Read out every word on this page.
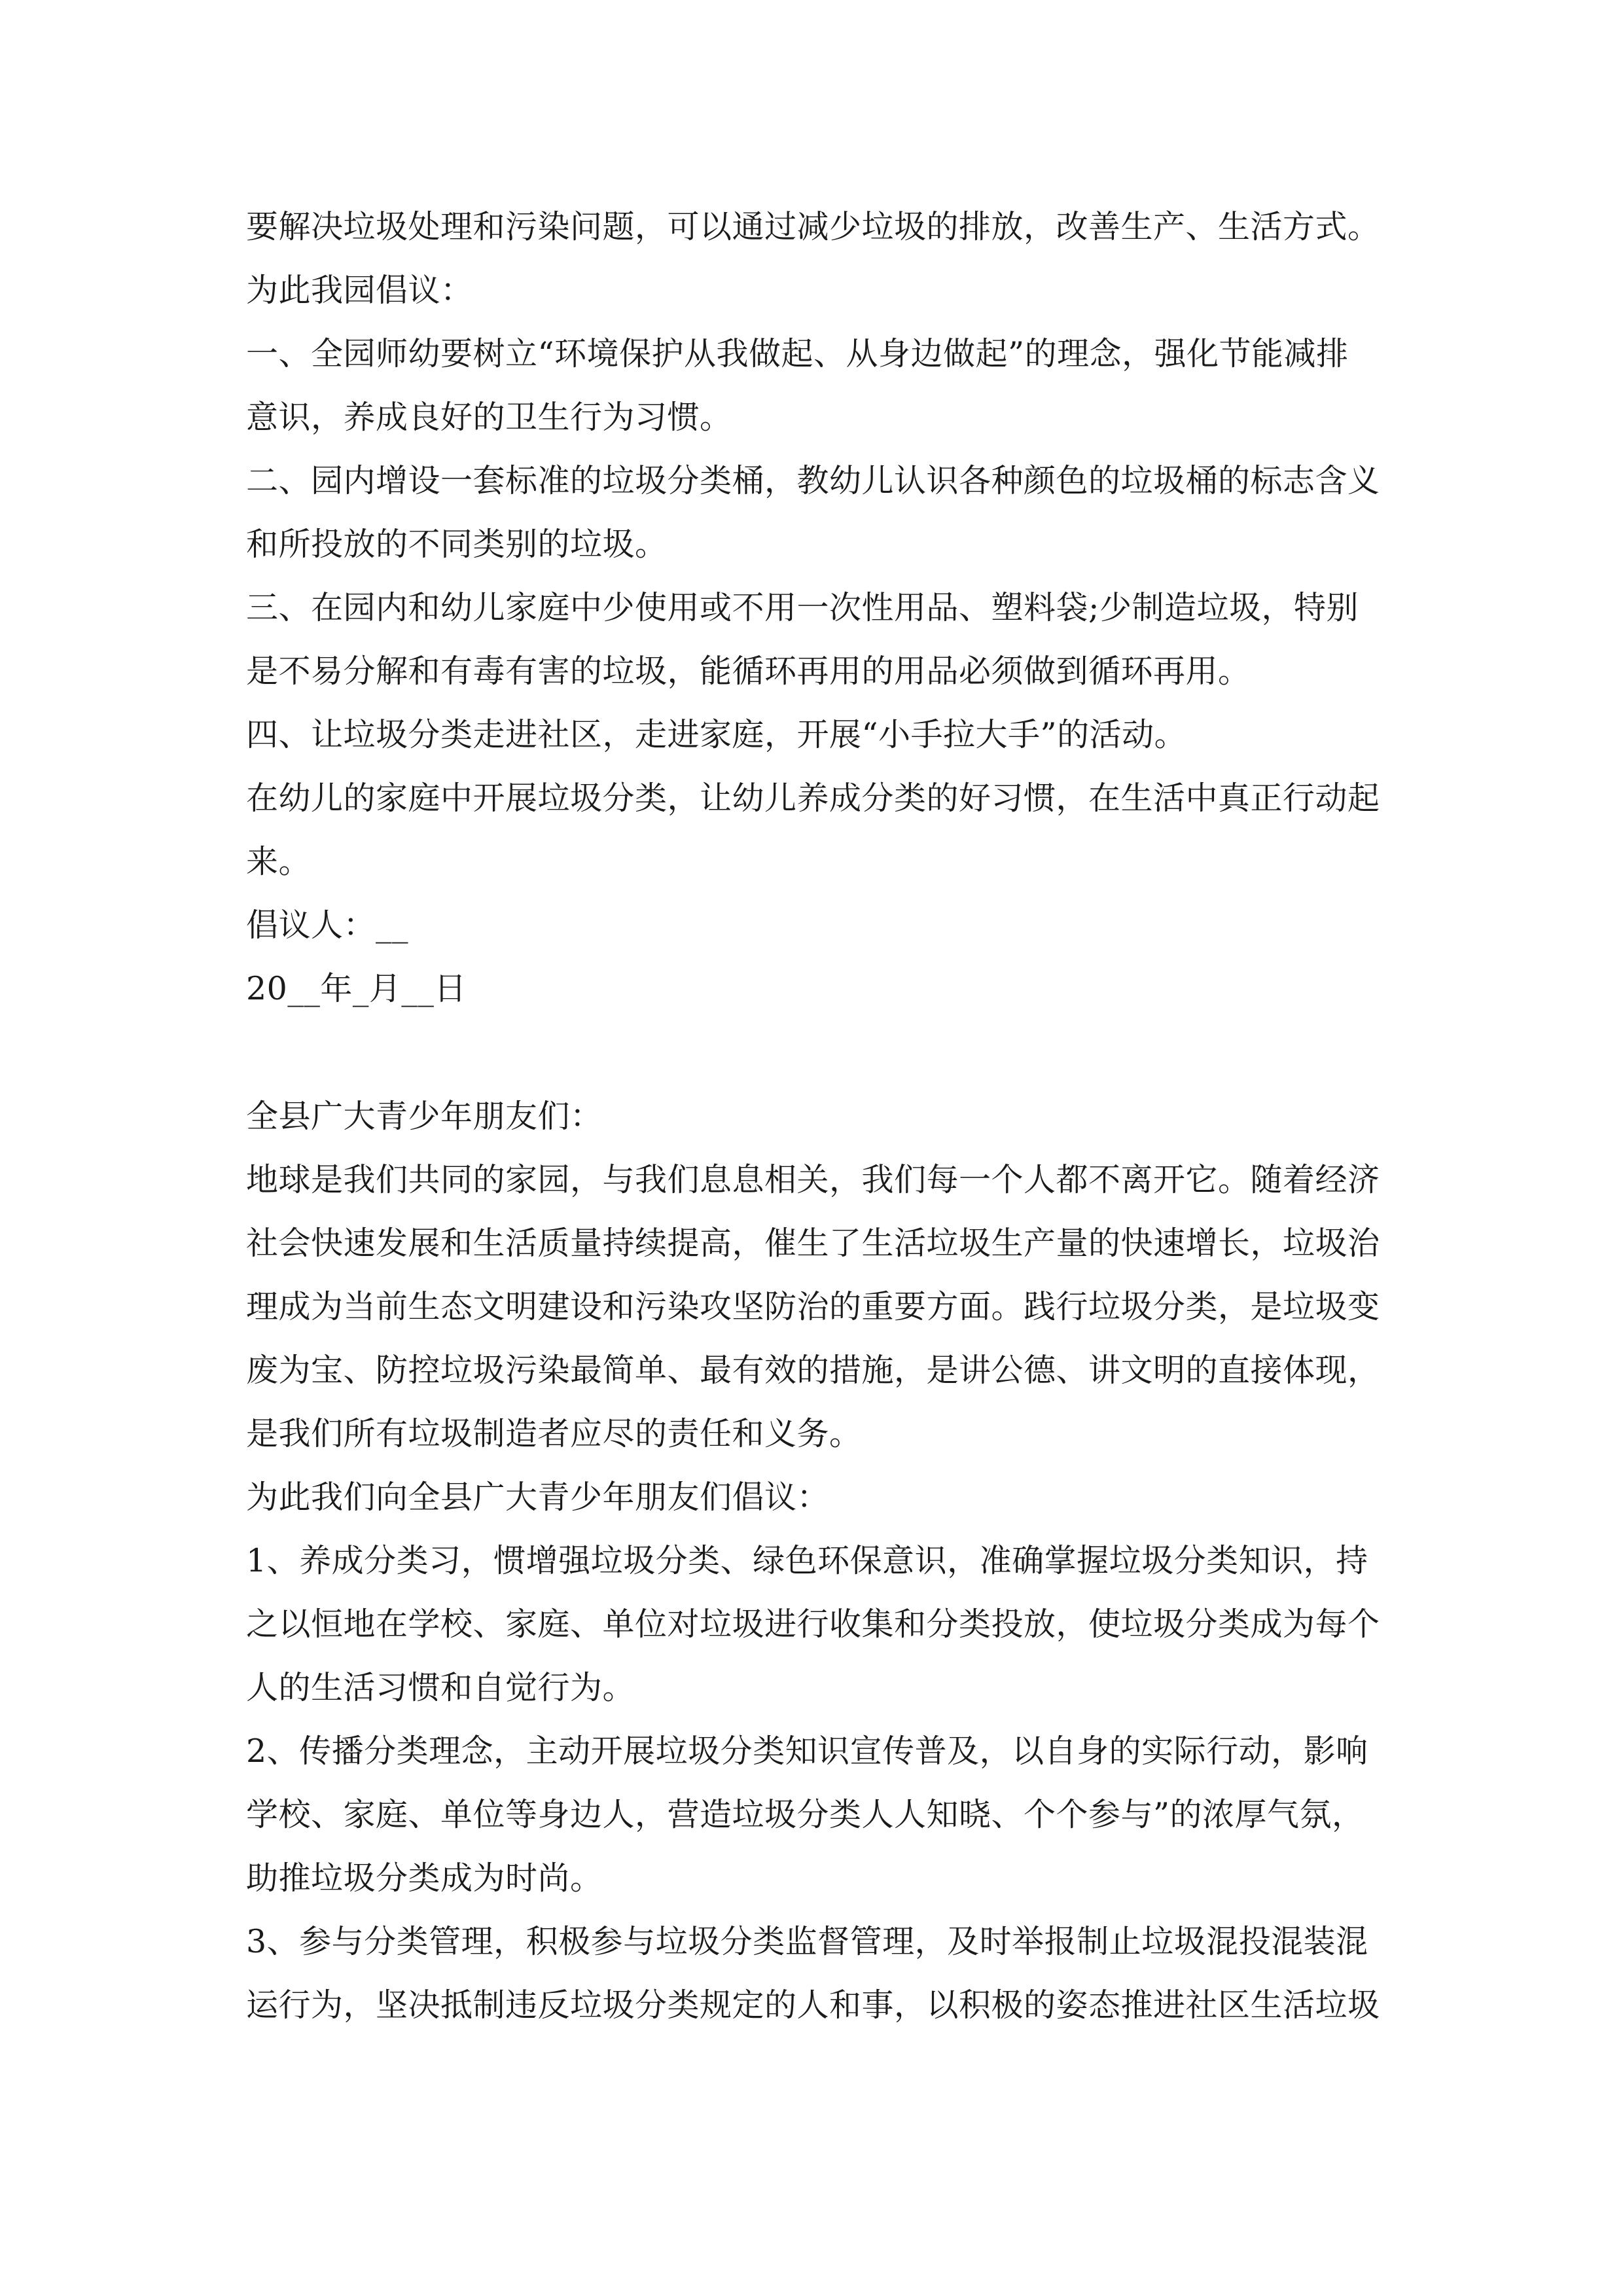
要解决垃圾处理和污染问题，可以通过减少垃圾的排放，改善生产、生活方式。
为此我园倡议：
一、全园师幼要树立“环境保护从我做起、从身边做起”的理念，强化节能减排
意识，养成良好的卫生行为习惯。
二、园内增设一套标准的垃圾分类桶，教幼儿认识各种颜色的垃圾桶的标志含义
和所投放的不同类别的垃圾。
三、在园内和幼儿家庭中少使用或不用一次性用品、塑料袋;少制造垃圾，特别
是不易分解和有毒有害的垃圾，能循环再用的用品必须做到循环再用。
四、让垃圾分类走进社区，走进家庭，开展“小手拉大手”的活动。
在幼儿的家庭中开展垃圾分类，让幼儿养成分类的好习惯，在生活中真正行动起
来。
倡议人：__
20__年_月__日
全县广大青少年朋友们：
地球是我们共同的家园，与我们息息相关，我们每一个人都不离开它。随着经济
社会快速发展和生活质量持续提高，催生了生活垃圾生产量的快速增长，垃圾治
理成为当前生态文明建设和污染攻坚防治的重要方面。践行垃圾分类，是垃圾变
废为宝、防控垃圾污染最简单、最有效的措施，是讲公德、讲文明的直接体现，
是我们所有垃圾制造者应尽的责任和义务。
为此我们向全县广大青少年朋友们倡议：
1、养成分类习，惯增强垃圾分类、绿色环保意识，准确掌握垃圾分类知识，持
之以恒地在学校、家庭、单位对垃圾进行收集和分类投放，使垃圾分类成为每个
人的生活习惯和自觉行为。
2、传播分类理念，主动开展垃圾分类知识宣传普及，以自身的实际行动，影响
学校、家庭、单位等身边人，营造垃圾分类人人知晓、个个参与”的浓厚气氛，
助推垃圾分类成为时尚。
3、参与分类管理，积极参与垃圾分类监督管理，及时举报制止垃圾混投混装混
运行为，坚决抵制违反垃圾分类规定的人和事，以积极的姿态推进社区生活垃圾
